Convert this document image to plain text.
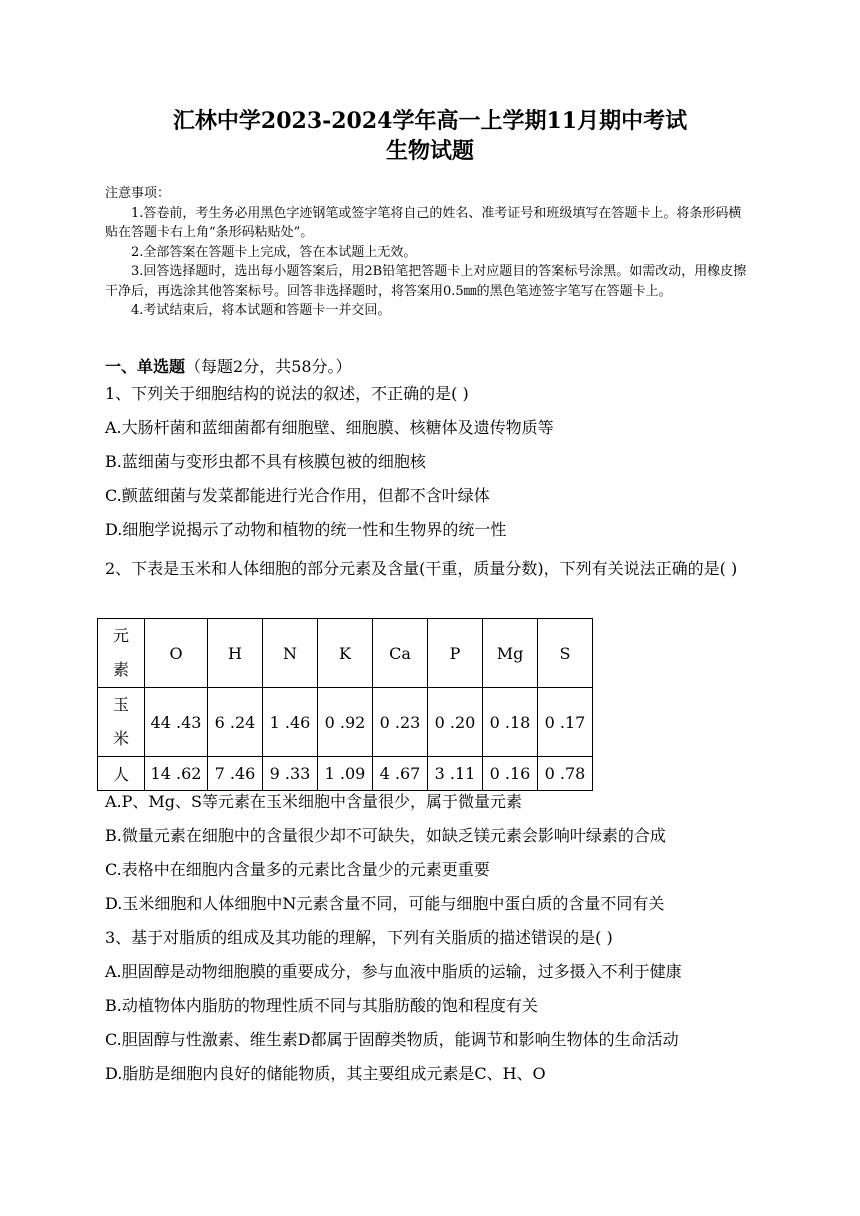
汇林中学2023-2024学年高一上学期11月期中考试
生物试题
注意事项：
1.答卷前，考生务必用黑色字迹钢笔或签字笔将自己的姓名、准考证号和班级填写在答题卡上。将条形码横贴在答题卡右上角“条形码粘贴处”。
2.全部答案在答题卡上完成，答在本试题上无效。
3.回答选择题时，选出每小题答案后，用2B铅笔把答题卡上对应题目的答案标号涂黑。如需改动，用橡皮擦干净后，再选涂其他答案标号。回答非选择题时，将答案用0.5㎜的黑色笔迹签字笔写在答题卡上。
4.考试结束后，将本试题和答题卡一并交回。
一、单选题（每题2分，共58分。）
1、下列关于细胞结构的说法的叙述，不正确的是( )
A.大肠杆菌和蓝细菌都有细胞壁、细胞膜、核糖体及遗传物质等
B.蓝细菌与变形虫都不具有核膜包被的细胞核
C.颤蓝细菌与发菜都能进行光合作用，但都不含叶绿体
D.细胞学说揭示了动物和植物的统一性和生物界的统一性
2、下表是玉米和人体细胞的部分元素及含量(干重，质量分数)，下列有关说法正确的是( )
元
素	O	H	N	K	Ca	P	Mg	S

玉
米	44 .43	6 .24	1 .46	0 .92	0 .23	0 .20	0 .18	0 .17
人	14 .62	7 .46	9 .33	1 .09	4 .67	3 .11	0 .16	0 .78
A.P、Mg、S等元素在玉米细胞中含量很少，属于微量元素
B.微量元素在细胞中的含量很少却不可缺失，如缺乏镁元素会影响叶绿素的合成
C.表格中在细胞内含量多的元素比含量少的元素更重要
D.玉米细胞和人体细胞中N元素含量不同，可能与细胞中蛋白质的含量不同有关
3、基于对脂质的组成及其功能的理解，下列有关脂质的描述错误的是( )
A.胆固醇是动物细胞膜的重要成分，参与血液中脂质的运输，过多摄入不利于健康
B.动植物体内脂肪的物理性质不同与其脂肪酸的饱和程度有关
C.胆固醇与性激素、维生素D都属于固醇类物质，能调节和影响生物体的生命活动
D.脂肪是细胞内良好的储能物质，其主要组成元素是C、H、O
